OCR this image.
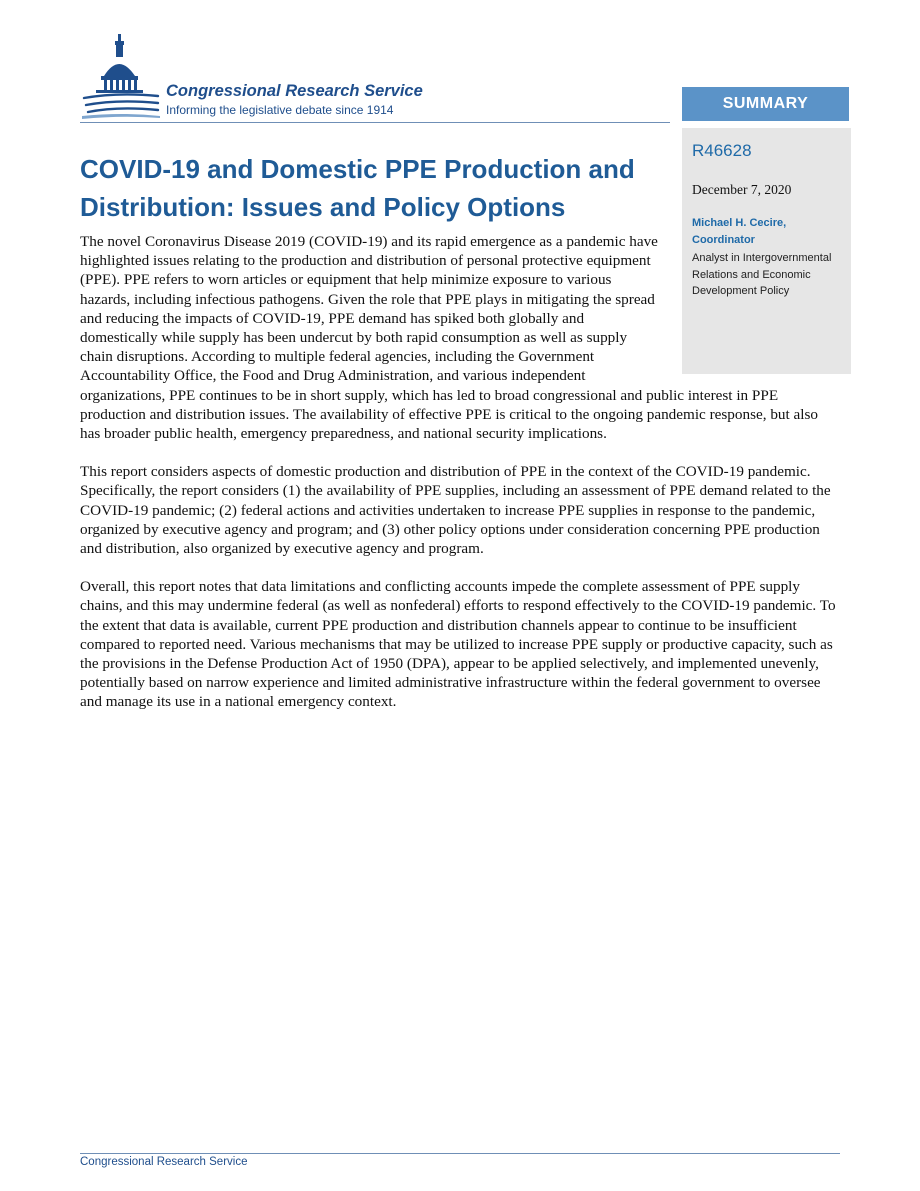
Congressional Research Service
Informing the legislative debate since 1914	SUMMARY
R46628
December 7, 2020
Michael H. Cecire,
Coordinator
Analyst in Intergovernmental Relations and Economic Development Policy
COVID-19 and Domestic PPE Production and Distribution: Issues and Policy Options

The novel Coronavirus Disease 2019 (COVID-19) and its rapid emergence as a pandemic have highlighted issues relating to the production and distribution of personal protective equipment (PPE). PPE refers to worn articles or equipment that help minimize exposure to various hazards, including infectious pathogens. Given the role that PPE plays in mitigating the spread and reducing the impacts of COVID-19, PPE demand has spiked both globally and domestically while supply has been undercut by both rapid consumption as well as supply chain disruptions. According to multiple federal agencies, including the Government Accountability Office, the Food and Drug Administration, and various independent organizations, PPE continues to be in short supply, which has led to broad congressional and public interest in PPE production and distribution issues. The availability of effective PPE is critical to the ongoing pandemic response, but also has broader public health, emergency preparedness, and national security implications.

This report considers aspects of domestic production and distribution of PPE in the context of the COVID-19 pandemic. Specifically, the report considers (1) the availability of PPE supplies, including an assessment of PPE demand related to the COVID-19 pandemic; (2) federal actions and activities undertaken to increase PPE supplies in response to the pandemic, organized by executive agency and program; and (3) other policy options under consideration concerning PPE production and distribution, also organized by executive agency and program.

Overall, this report notes that data limitations and conflicting accounts impede the complete assessment of PPE supply chains, and this may undermine federal (as well as nonfederal) efforts to respond effectively to the COVID-19 pandemic. To the extent that data is available, current PPE production and distribution channels appear to continue to be insufficient compared to reported need. Various mechanisms that may be utilized to increase PPE supply or productive capacity, such as the provisions in the Defense Production Act of 1950 (DPA), appear to be applied selectively, and implemented unevenly, potentially based on narrow experience and limited administrative infrastructure within the federal government to oversee and manage its use in a national emergency context.

Congressional Research Service
